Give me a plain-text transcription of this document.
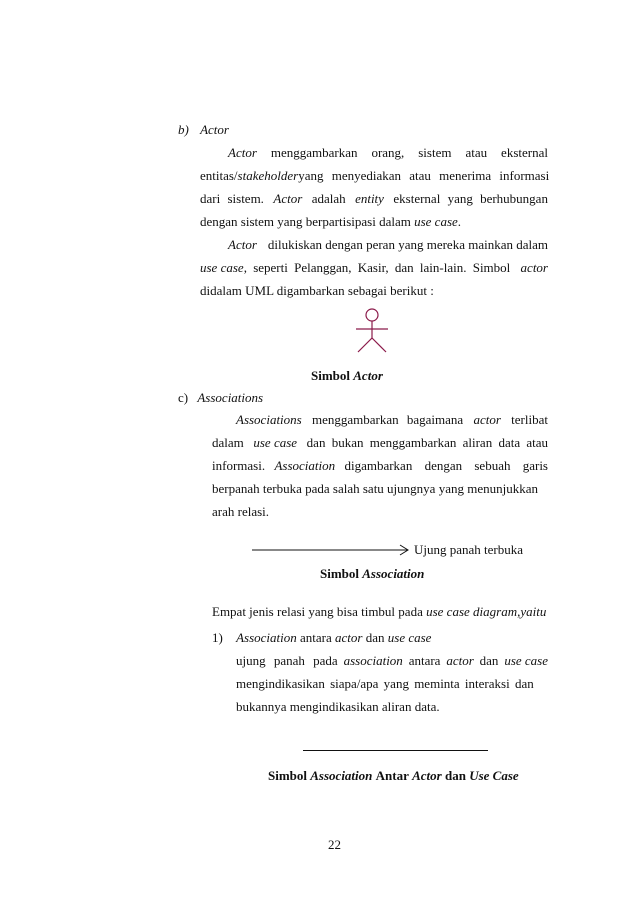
b) Actor
Actor menggambarkan orang, sistem atau eksternal
entitas/stakeholder yang menyediakan atau menerima informasi
dari sistem. Actor adalah entity eksternal yang berhubungan
dengan sistem yang berpartisipasi dalam use case.
Actor dilukiskan dengan peran yang mereka mainkan dalam
use case, seperti Pelanggan, Kasir, dan lain-lain. Simbol actor
didalam UML digambarkan sebagai berikut :
Simbol Actor
c) Associations
Associations menggambarkan bagaimana actor terlibat
dalam use case dan bukan menggambarkan aliran data atau
informasi. Association digambarkan dengan sebuah garis
berpanah terbuka pada salah satu ujungnya yang menunjukkan
arah relasi.
Ujung panah terbuka
Simbol Association
Empat jenis relasi yang bisa timbul pada use case diagram,yaitu
1) Association antara actor dan use case
ujung panah pada association antara actor dan use case
mengindikasikan siapa/apa yang meminta interaksi dan
bukannya mengindikasikan aliran data.
Simbol Association Antar Actor dan Use Case
22
